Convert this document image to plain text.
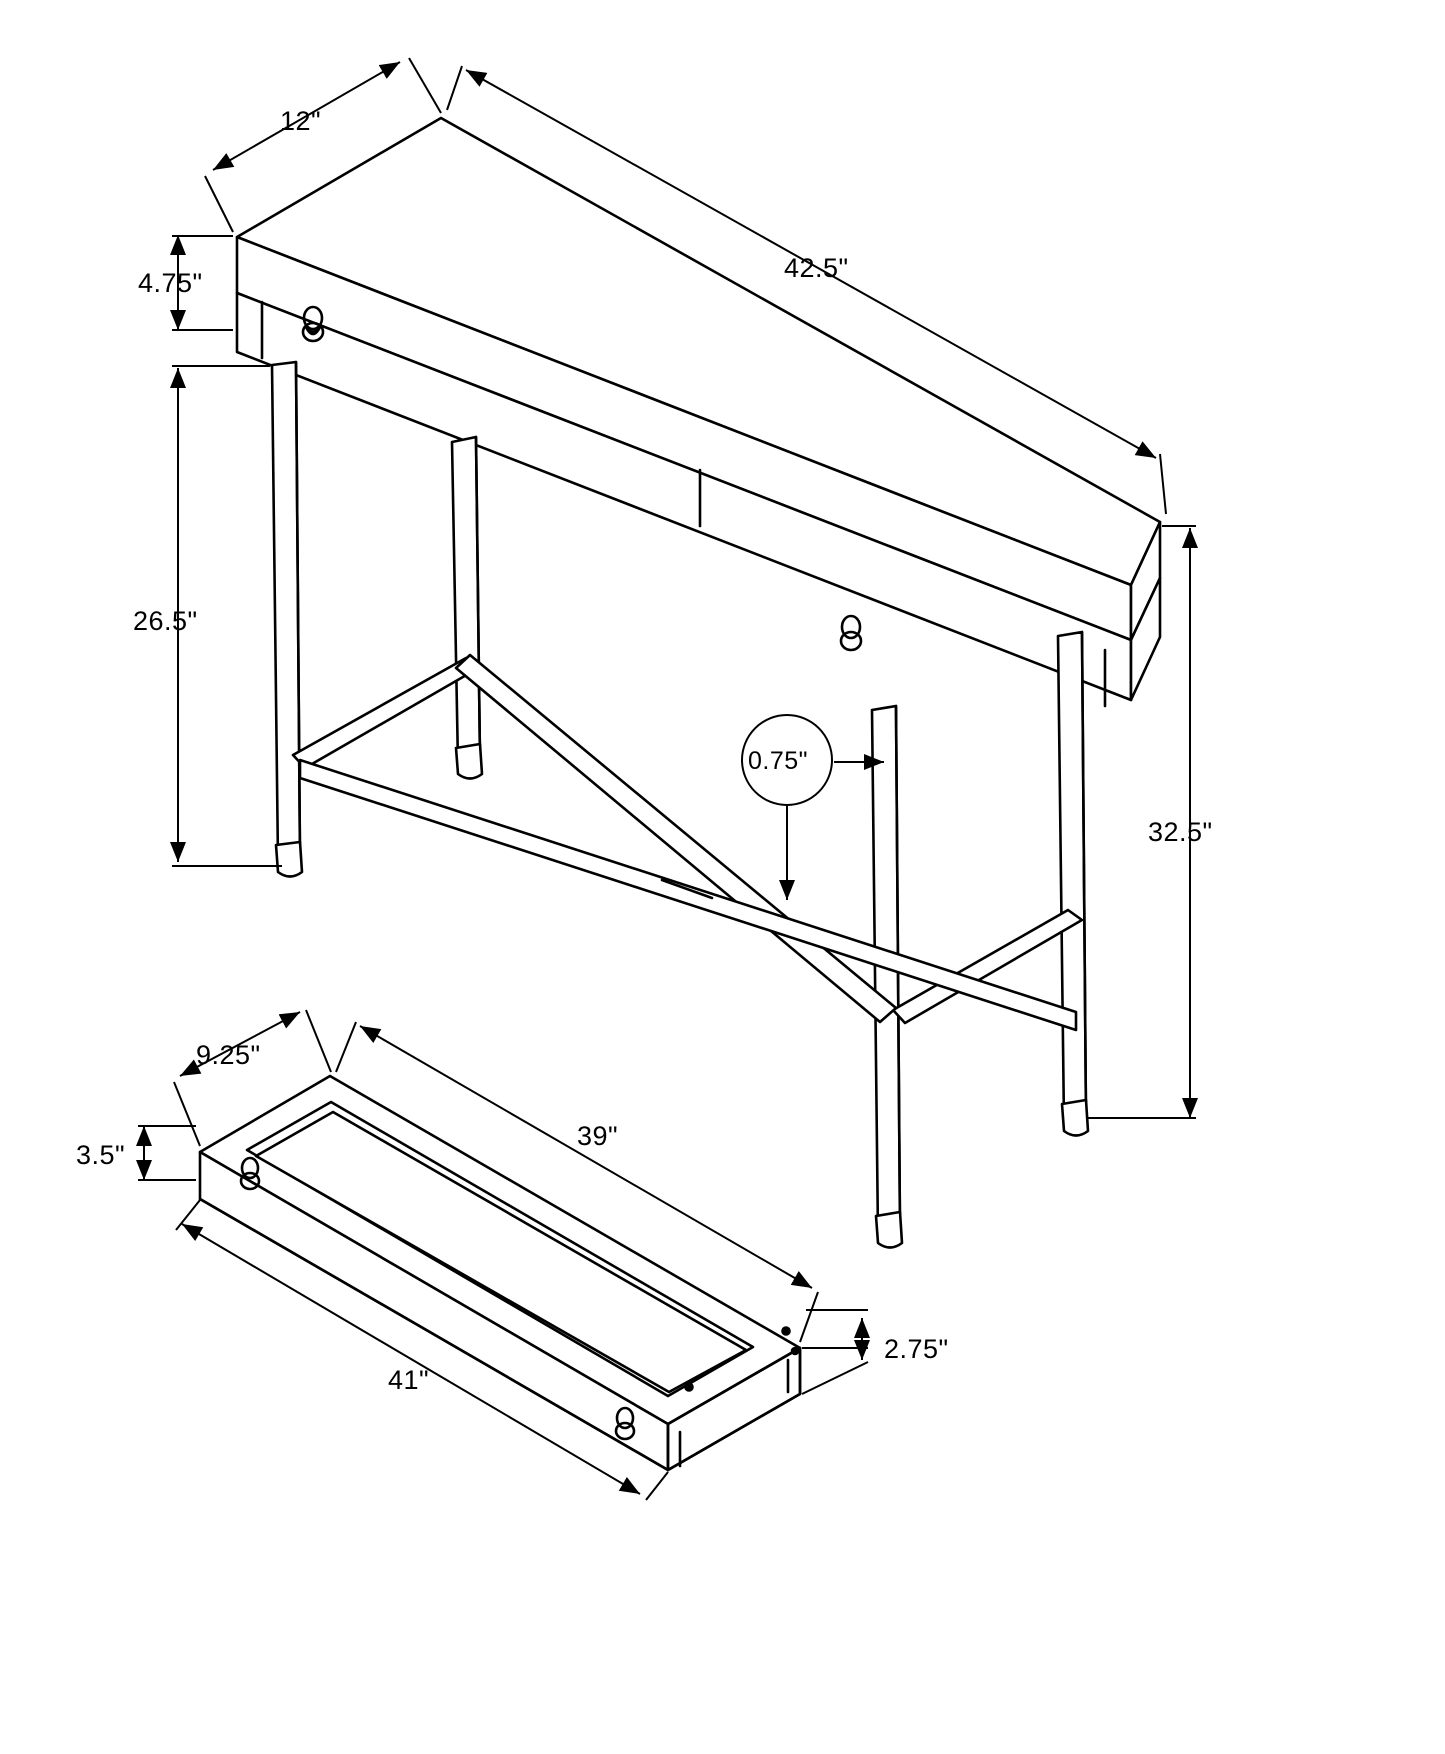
12"
42.5"
4.75"
26.5"
32.5"
0.75"
9.25"
3.5"
39"
41"
2.75"
